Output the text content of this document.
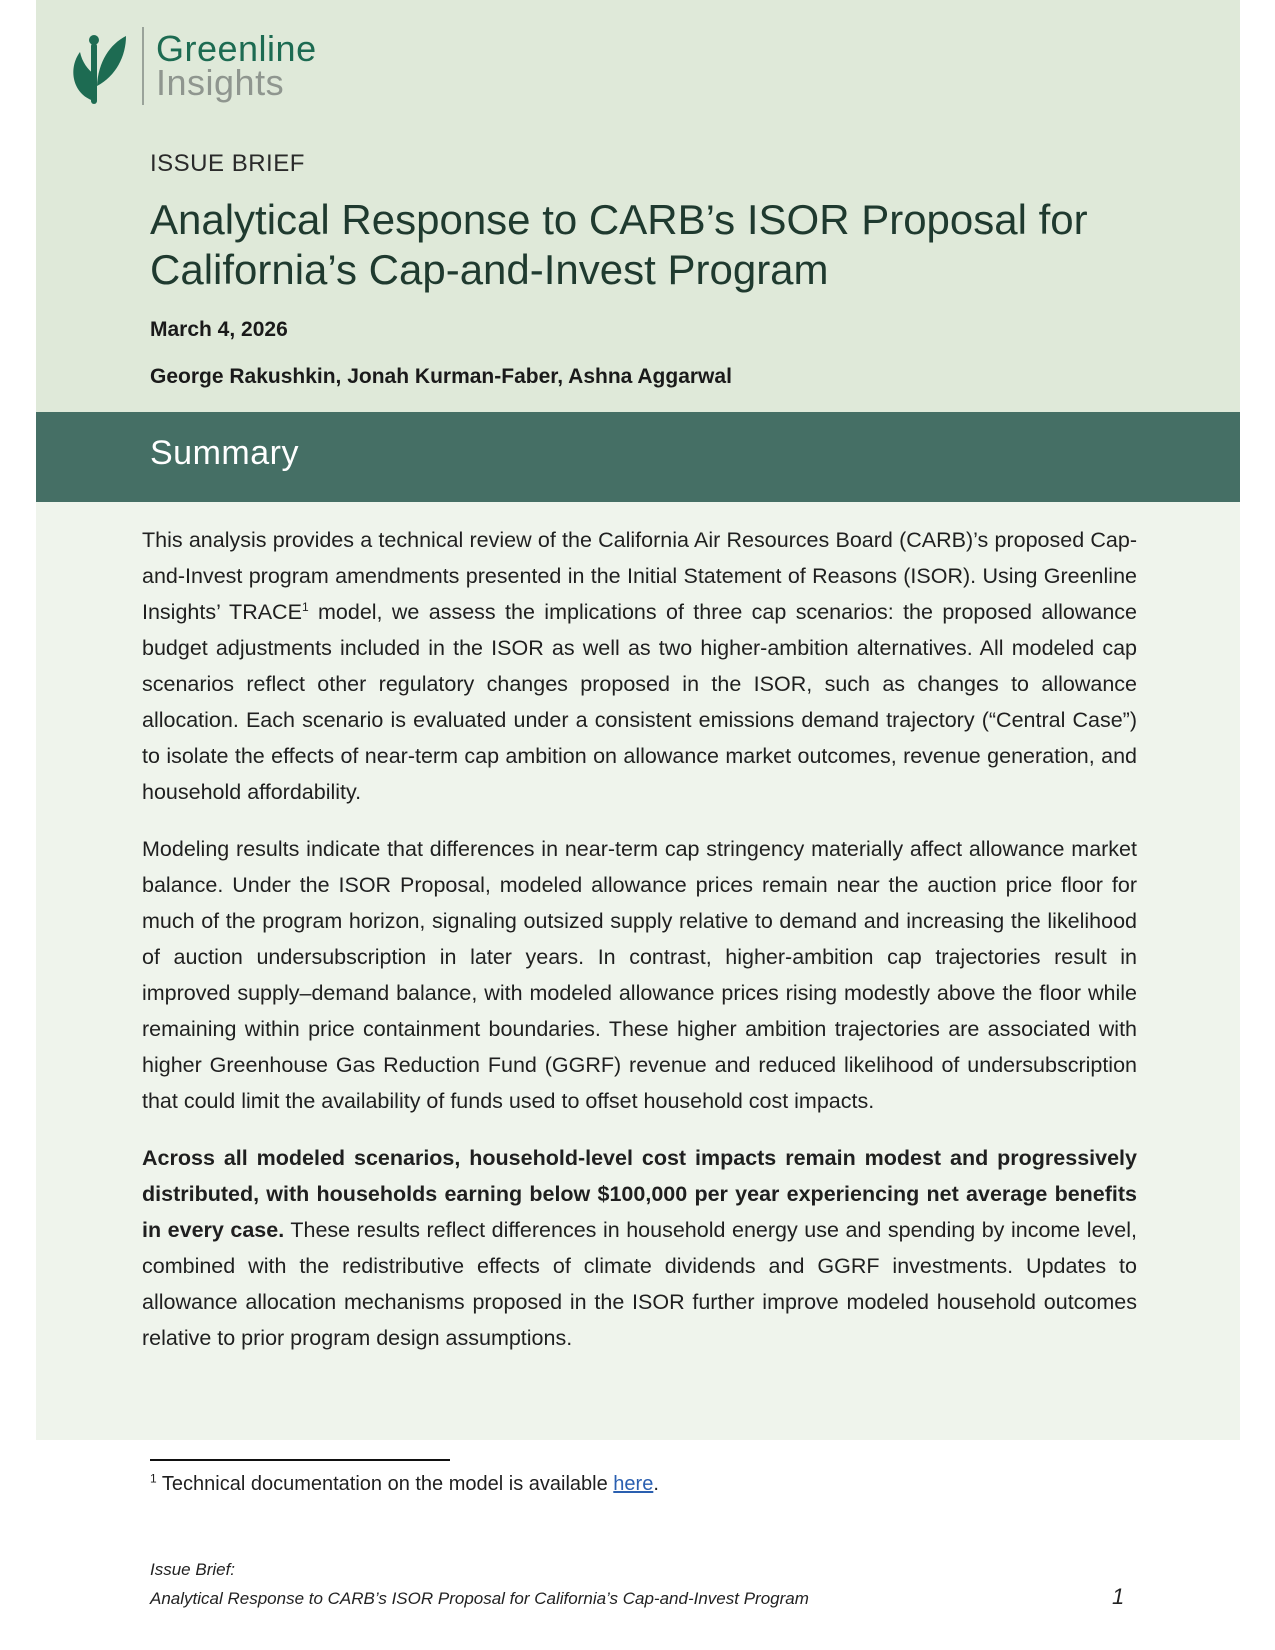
Greenline
Insights
ISSUE BRIEF
Analytical Response to CARB’s ISOR Proposal for California’s Cap-and-Invest Program
March 4, 2026
George Rakushkin, Jonah Kurman-Faber, Ashna Aggarwal
Summary

This analysis provides a technical review of the California Air Resources Board (CARB)’s proposed Cap-and-Invest program amendments presented in the Initial Statement of Reasons (ISOR). Using Greenline Insights’ TRACE$^1$ model, we assess the implications of three cap scenarios: the proposed allowance budget adjustments included in the ISOR as well as two higher-ambition alternatives. All modeled cap scenarios reflect other regulatory changes proposed in the ISOR, such as changes to allowance allocation. Each scenario is evaluated under a consistent emissions demand trajectory (“Central Case”) to isolate the effects of near-term cap ambition on allowance market outcomes, revenue generation, and household affordability.

Modeling results indicate that differences in near-term cap stringency materially affect allowance market balance. Under the ISOR Proposal, modeled allowance prices remain near the auction price floor for much of the program horizon, signaling outsized supply relative to demand and increasing the likelihood of auction undersubscription in later years. In contrast, higher-ambition cap trajectories result in improved supply–demand balance, with modeled allowance prices rising modestly above the floor while remaining within price containment boundaries. These higher ambition trajectories are associated with higher Greenhouse Gas Reduction Fund (GGRF) revenue and reduced likelihood of undersubscription that could limit the availability of funds used to offset household cost impacts.

Across all modeled scenarios, household-level cost impacts remain modest and progressively distributed, with households earning below $100,000 per year experiencing net average benefits in every case. These results reflect differences in household energy use and spending by income level, combined with the redistributive effects of climate dividends and GGRF investments. Updates to allowance allocation mechanisms proposed in the ISOR further improve modeled household outcomes relative to prior program design assumptions.

$^1$ Technical documentation on the model is available here.
Issue Brief:
Analytical Response to CARB’s ISOR Proposal for California’s Cap-and-Invest Program	1
